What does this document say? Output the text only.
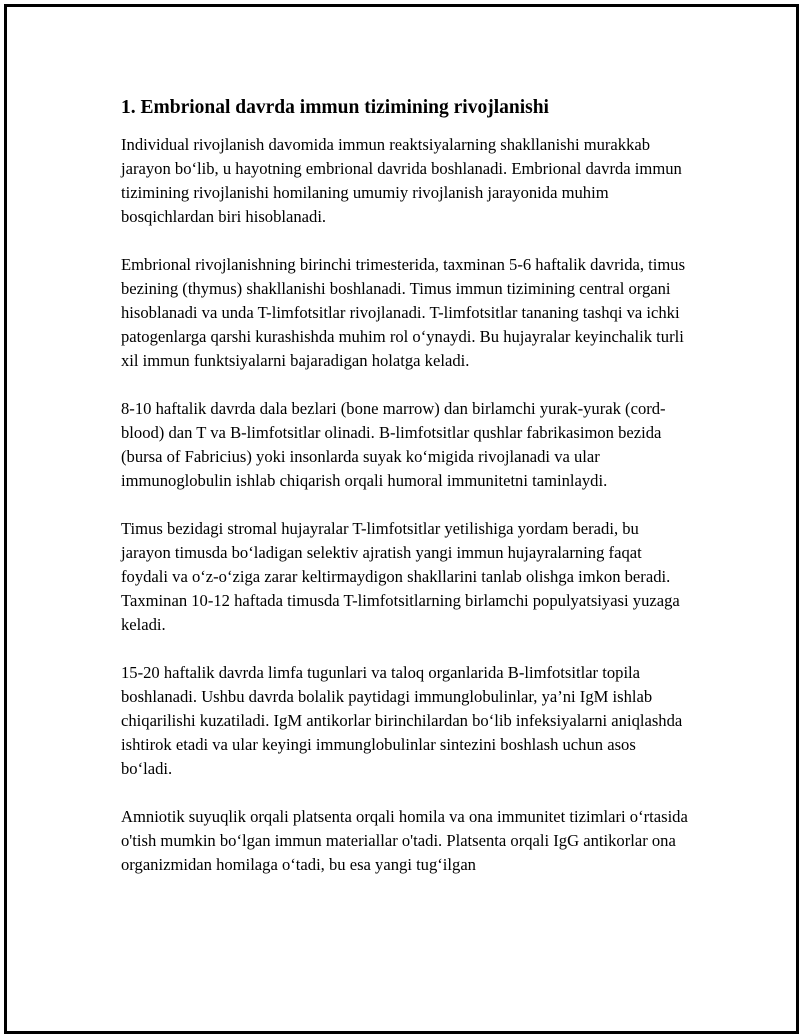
1. Embrional davrda immun tizimining rivojlanishi

Individual rivojlanish davomida immun reaktsiyalarning shakllanishi murakkab jarayon bo‘lib, u hayotning embrional davrida boshlanadi. Embrional davrda immun tizimining rivojlanishi homilaning umumiy rivojlanish jarayonida muhim bosqichlardan biri hisoblanadi.

Embrional rivojlanishning birinchi trimesterida, taxminan 5-6 haftalik davrida, timus bezining (thymus) shakllanishi boshlanadi. Timus immun tizimining central organi hisoblanadi va unda T-limfotsitlar rivojlanadi. T-limfotsitlar tananing tashqi va ichki patogenlarga qarshi kurashishda muhim rol o‘ynaydi. Bu hujayralar keyinchalik turli xil immun funktsiyalarni bajaradigan holatga keladi.

8-10 haftalik davrda dala bezlari (bone marrow) dan birlamchi yurak-yurak (cord-blood) dan T va B-limfotsitlar olinadi. B-limfotsitlar qushlar fabrikasimon bezida (bursa of Fabricius) yoki insonlarda suyak ko‘migida rivojlanadi va ular immunoglobulin ishlab chiqarish orqali humoral immunitetni taminlaydi.

Timus bezidagi stromal hujayralar T-limfotsitlar yetilishiga yordam beradi, bu jarayon timusda bo‘ladigan selektiv ajratish yangi immun hujayralarning faqat foydali va o‘z-o‘ziga zarar keltirmaydigon shakllarini tanlab olishga imkon beradi. Taxminan 10-12 haftada timusda T-limfotsitlarning birlamchi populyatsiyasi yuzaga keladi.

15-20 haftalik davrda limfa tugunlari va taloq organlarida B-limfotsitlar topila boshlanadi. Ushbu davrda bolalik paytidagi immunglobulinlar, ya’ni IgM ishlab chiqarilishi kuzatiladi. IgM antikorlar birinchilardan bo‘lib infeksiyalarni aniqlashda ishtirok etadi va ular keyingi immunglobulinlar sintezini boshlash uchun asos bo‘ladi.

Amniotik suyuqlik orqali platsenta orqali homila va ona immunitet tizimlari o‘rtasida o'tish mumkin bo‘lgan immun materiallar o'tadi. Platsenta orqali IgG antikorlar ona organizmidan homilaga o‘tadi, bu esa yangi tug‘ilgan
